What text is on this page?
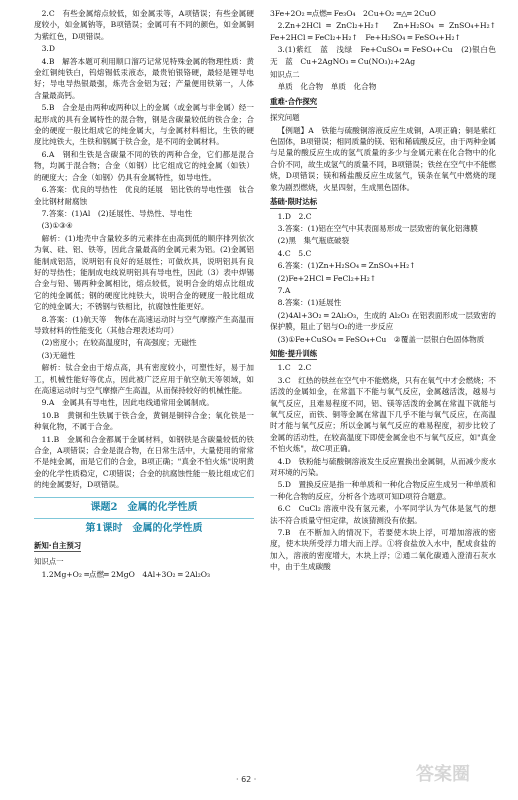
2.C　有些金属熔点较低，如金属汞等，A项错误；有些金属硬度较小，如金属钠等，B项错误；金属可有不同的颜色，如金属铜为紫红色，D项错误。

3.D

4.B　解答本题可利用顺口溜巧记常见特殊金属的物理性质：黄金红铜纯铁白，钨熔锡低汞液态，最贵铂银铬硬，最轻是锂导电好；导电导热银最强，炼壳含金铝为冠；产量便用铁第一，人体含量最高钙。

5.B　合金是由两种或两种以上的金属（或金属与非金属）经一起形成的具有金属特性的混合物，钢是含碳量较低的铁合金；合金的硬度一般比组成它的纯金属大，与金属材料相比，生铁的硬度比纯铁大，生铁和钢属于铁合金，是不同的金属材料。

6.A　钢和生铁是含碳量不同的铁的两种合金，它们都是混合物，均属于混合物；合金（如钢）比它组成它的纯金属（如铁）的硬度大；合金（如钢）仍具有金属特性，如导电性。

6.答案：优良的导热性　优良的延展　铝比铁的导电性强　钛合金比钢材耐腐蚀

7.答案：(1)Al　(2)延展性、导热性、导电性

(3)①③④

解析：(1)地壳中含量较多的元素排在由高到低的顺序排列依次为氧、硅、铝、铁等，因此含量最高的金属元素为铝。(2)金属铝能制成铝箔，说明铝有良好的延展性；可做炊具，说明铝具有良好的导热性；能制成电线说明铝具有导电性，因此（3）表中焊锡合金与铅、锡两种金属相比，熔点较低，说明合金的熔点比组成它的纯金属低；钢的硬度比纯铁大，说明合金的硬度一般比组成它的纯金属大；不锈钢与铁相比，抗腐蚀性能更好。

8.答案：(1)航天等　物体在高速运动时与空气摩擦产生高温而导致材料的性能变化（其他合理表述均可）

(2)密度小；在较高温度时，有高强度；无磁性

(3)无磁性

解析：钛合金由于熔点高，具有密度较小，可塑性好，易于加工，机械性能好等优点，因此被广泛应用于航空航天等领域，如在高速运动时与空气摩擦产生高温，从而保持较好的机械性能。

9.A　金属具有导电性，因此电线通常用金属制成。

10.B　黄铜和生铁属于铁合金，黄铜是铜锌合金；氧化铁是一种氧化物，不属于合金。

11.B　金属和合金都属于金属材料，如钢铁是含碳量较低的铁合金，A项错误；合金是混合物，在日常生活中，大量使用的常常不是纯金属，而是它们的合金，B项正确；"真金不怕火炼"说明黄金的化学性质稳定，C项错误；合金的抗腐蚀性能一般比组成它们的纯金属要好，D项错误。

课题2　金属的化学性质
第1课时　金属的化学性质
新知·自主预习
知识点一

1.2Mg+O₂ ═点燃═ 2MgO　4Al+3O₂ ═ 2Al₂O₃

3Fe+2O₂ ═点燃═ Fe₃O₄　2Cu+O₂ ═△═ 2CuO

2.Zn+2HCl ═ ZnCl₂+H₂↑　Zn+H₂SO₄ ═ ZnSO₄+H₂↑　Fe+2HCl ═ FeCl₂+H₂↑　Fe+H₂SO₄ ═ FeSO₄+H₂↑

3.(1)紫红　蓝　浅绿　Fe+CuSO₄ ═ FeSO₄+Cu　(2)银白色　无　蓝　Cu+2AgNO₃ ═ Cu(NO₃)₂+2Ag

知识点二

单质　化合物　单质　化合物

重难·合作探究
探究问题

【例题】A　铁能与硫酸铜溶液反应生成铜，A项正确；铜是紫红色固体，B项错误；相同质量的镁、铝和稀硫酸反应，由于两种金属与足量的酸反应生成的氢气质量的多少与金属元素在化合物中的化合价不同，故生成氢气的质量不同，B项错误；铁丝在空气中不能燃烧，D项错误；镁和稀盐酸反应生成氢气，镁条在氧气中燃烧的现象为剧烈燃烧，火星四射，生成黑色固体。

基础·限时达标

1.D　2.C

3.答案：(1)铝在空气中其表面易形成一层致密的氧化铝薄膜

(2)黑　集气瓶底破裂

4.C　5.C

6.答案：(1)Zn+H₂SO₄ ═ ZnSO₄+H₂↑

(2)Fe+2HCl ═ FeCl₂+H₂↑

7.A

8.答案：(1)延展性

(2)4Al+3O₂ ═ 2Al₂O₃，生成的 Al₂O₃ 在铝表面形成一层致密的保护膜，阻止了铝与O₂的进一步反应

(3)①Fe+CuSO₄ ═ FeSO₄+Cu　②覆盖一层银白色固体物质

知能·提升训练

1.C　2.C

3.C　红热的铁丝在空气中不能燃烧，只有在氧气中才会燃烧；不活泼的金属如金，在常温下不能与氧气反应，金属越活泼，越易与氧气反应，且难易程度不同，铝、镁等活泼的金属在常温下就能与氧气反应，而铁、铜等金属在常温下几乎不能与氧气反应，在高温时才能与氧气反应；所以金属与氧气反应的难易程度，初步比较了金属的活动性，在较高温度下即使金属金也不与氧气反应，如"真金不怕火炼"，故C项正确。

4.D　铁粉能与硫酸铜溶液发生反应置换出金属铜，从而减少废水对环境的污染。

5.D　置换反应是指一种单质和一种化合物反应生成另一种单质和一种化合物的反应，分析各个选项可知D项符合题意。

6.C　CuCl₂ 溶液中没有氢元素，小军同学认为气体是氢气的想法不符合质量守恒定律，故该猜测没有依据。

7.B　在不断加入的情况下，若要使木块上浮，可增加溶液的密度，使木块所受浮力增大而上浮。①将食盐放入水中，配成食盐的加入，溶液的密度增大，木块上浮；②通二氧化碳通入澄清石灰水中，由于生成碳酸

· 62 ·	答案圈
